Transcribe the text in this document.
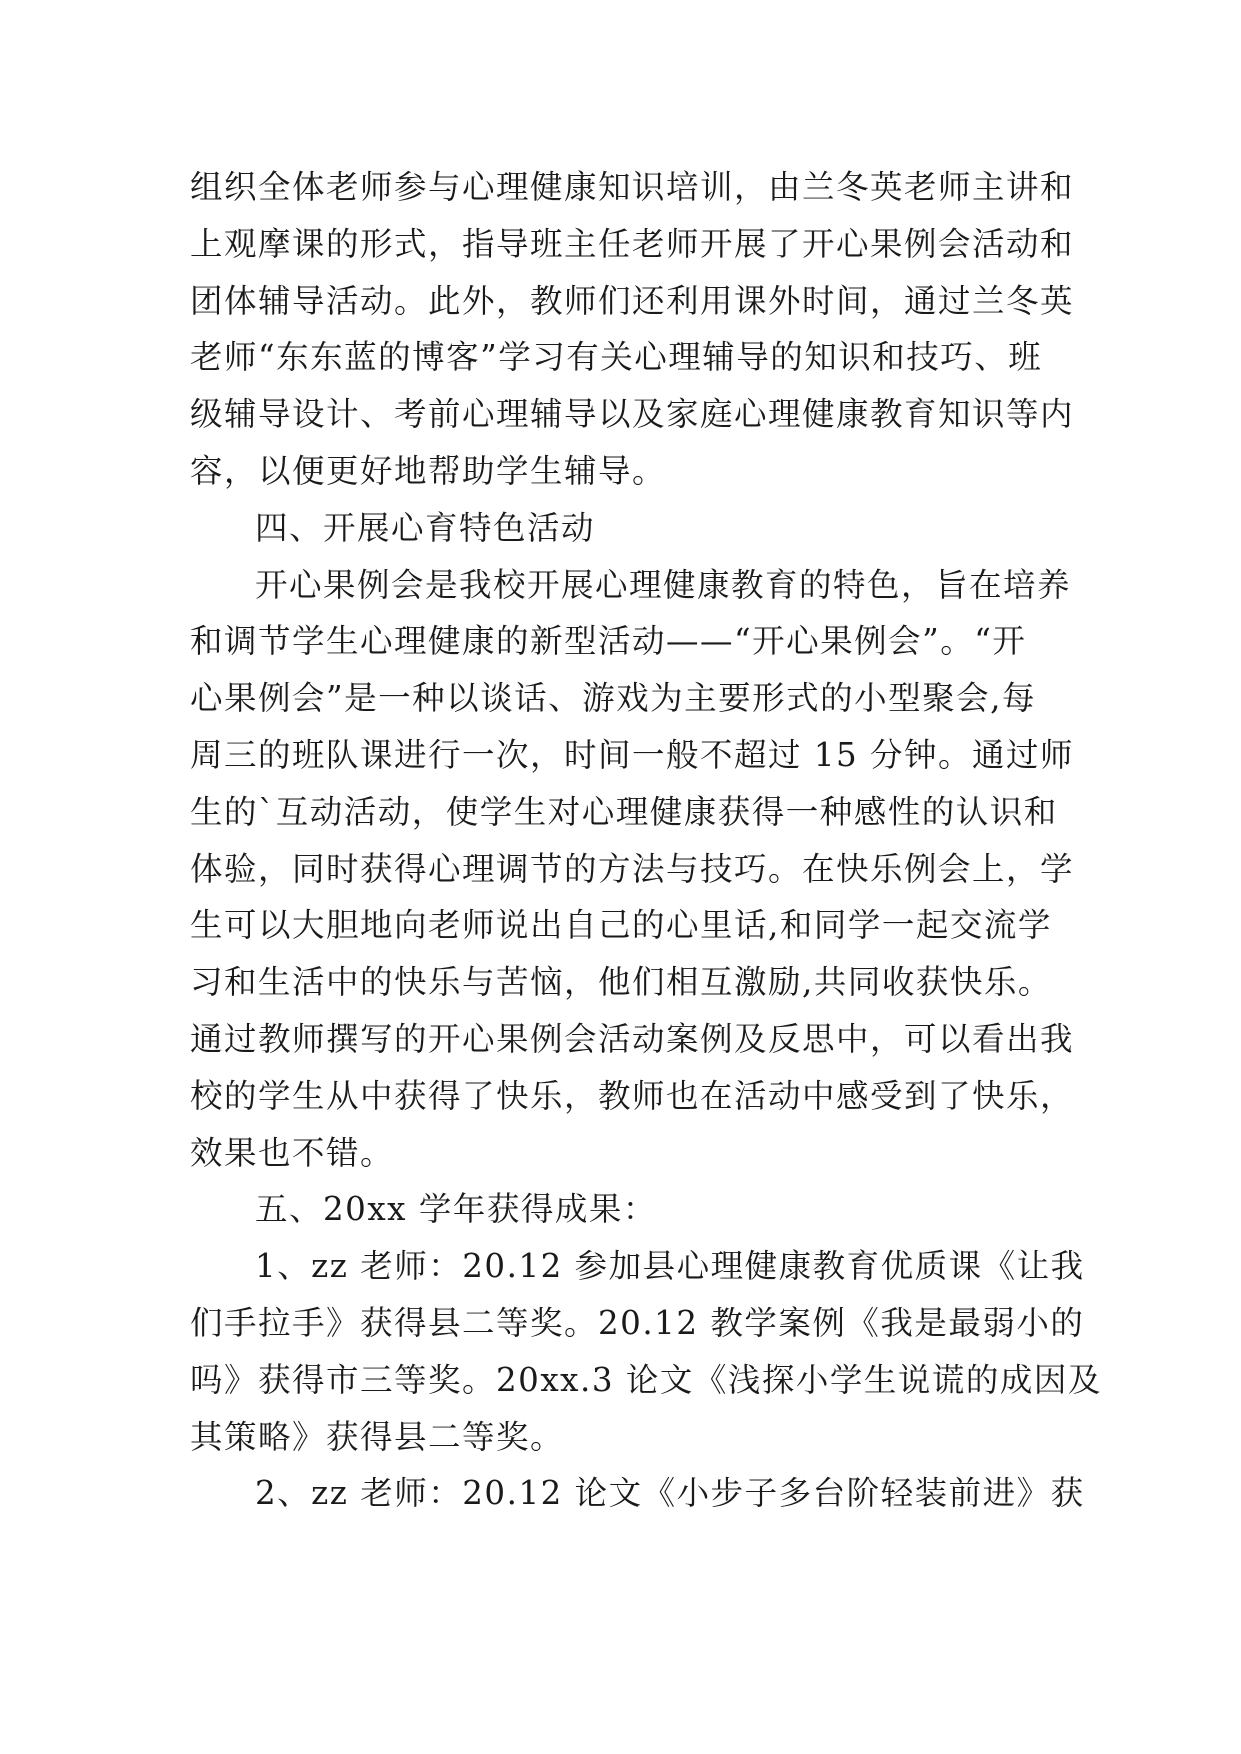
组织全体老师参与心理健康知识培训，由兰冬英老师主讲和
上观摩课的形式，指导班主任老师开展了开心果例会活动和
团体辅导活动。此外，教师们还利用课外时间，通过兰冬英
老师“东东蓝的博客”学习有关心理辅导的知识和技巧、班
级辅导设计、考前心理辅导以及家庭心理健康教育知识等内
容，以便更好地帮助学生辅导。
四、开展心育特色活动
开心果例会是我校开展心理健康教育的特色，旨在培养
和调节学生心理健康的新型活动——“开心果例会”。“开
心果例会”是一种以谈话、游戏为主要形式的小型聚会,每
周三的班队课进行一次，时间一般不超过 15 分钟。通过师
生的`互动活动，使学生对心理健康获得一种感性的认识和
体验，同时获得心理调节的方法与技巧。在快乐例会上，学
生可以大胆地向老师说出自己的心里话,和同学一起交流学
习和生活中的快乐与苦恼，他们相互激励,共同收获快乐。
通过教师撰写的开心果例会活动案例及反思中，可以看出我
校的学生从中获得了快乐，教师也在活动中感受到了快乐，
效果也不错。
五、20xx 学年获得成果：
1、zz 老师：20.12 参加县心理健康教育优质课《让我
们手拉手》获得县二等奖。20.12 教学案例《我是最弱小的
吗》获得市三等奖。20xx.3 论文《浅探小学生说谎的成因及
其策略》获得县二等奖。
2、zz 老师：20.12 论文《小步子多台阶轻装前进》获
